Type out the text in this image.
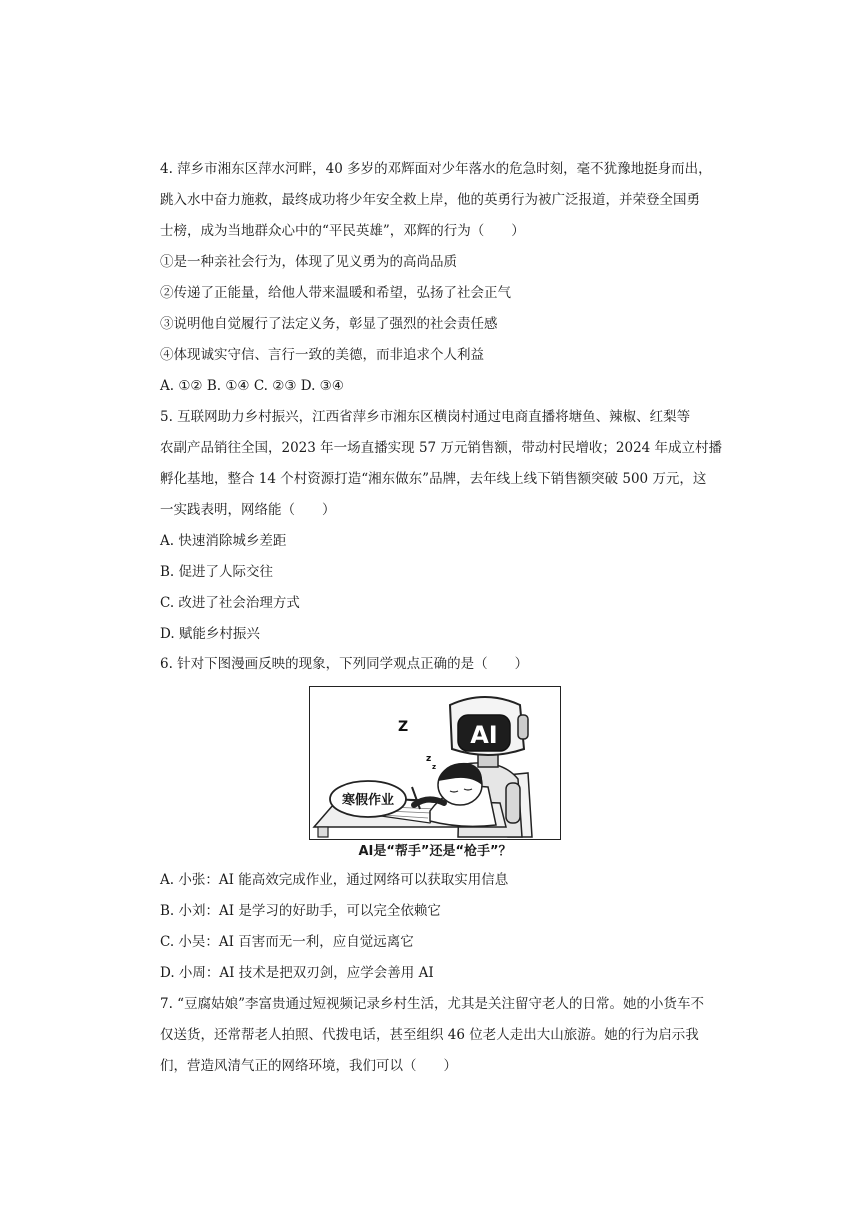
4. 萍乡市湘东区萍水河畔，40 多岁的邓辉面对少年落水的危急时刻，毫不犹豫地挺身而出，
跳入水中奋力施救，最终成功将少年安全救上岸，他的英勇行为被广泛报道，并荣登全国勇
士榜，成为当地群众心中的“平民英雄”，邓辉的行为（　　）
①是一种亲社会行为，体现了见义勇为的高尚品质
②传递了正能量，给他人带来温暖和希望，弘扬了社会正气
③说明他自觉履行了法定义务，彰显了强烈的社会责任感
④体现诚实守信、言行一致的美德，而非追求个人利益
A. ①② B. ①④ C. ②③ D. ③④
5. 互联网助力乡村振兴，江西省萍乡市湘东区横岗村通过电商直播将塘鱼、辣椒、红梨等
农副产品销往全国，2023 年一场直播实现 57 万元销售额，带动村民增收；2024 年成立村播
孵化基地，整合 14 个村资源打造“湘东做东”品牌，去年线上线下销售额突破 500 万元，这
一实践表明，网络能（　　）
A. 快速消除城乡差距
B. 促进了人际交往
C. 改进了社会治理方式
D. 赋能乡村振兴
6. 针对下图漫画反映的现象，下列同学观点正确的是（　　）
AI
Z
z
z
寒假作业
AI是“帮手”还是“枪手”？
A. 小张：AI 能高效完成作业，通过网络可以获取实用信息
B. 小刘：AI 是学习的好助手，可以完全依赖它
C. 小吴：AI 百害而无一利，应自觉远离它
D. 小周：AI 技术是把双刃剑，应学会善用 AI
7. “豆腐姑娘”李富贵通过短视频记录乡村生活，尤其是关注留守老人的日常。她的小货车不
仅送货，还常帮老人拍照、代拨电话，甚至组织 46 位老人走出大山旅游。她的行为启示我
们，营造风清气正的网络环境，我们可以（　　）
